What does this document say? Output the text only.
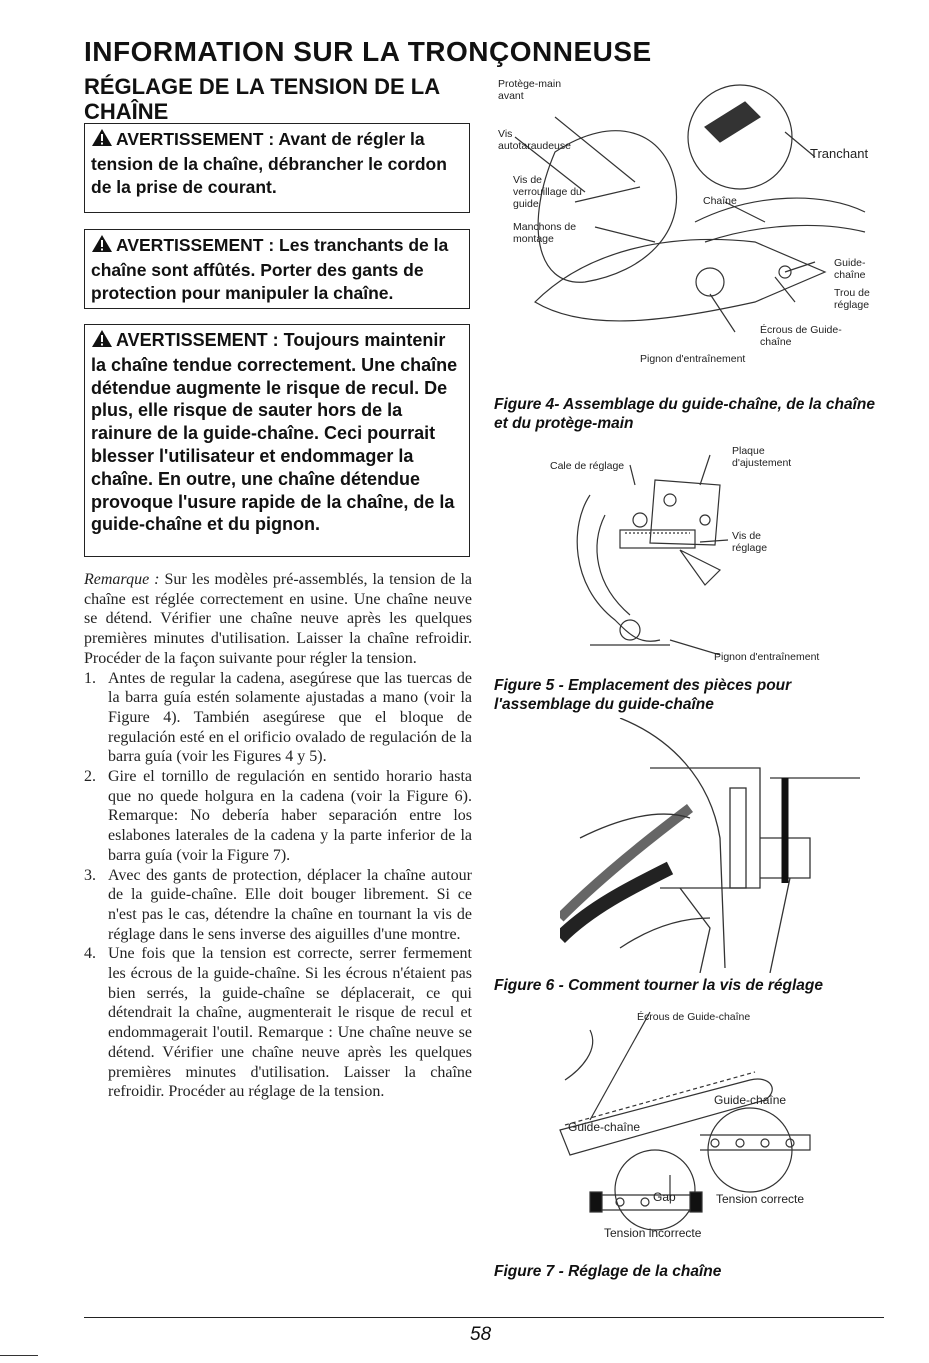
INFORMATION SUR LA TRONÇONNEUSE
RÉGLAGE DE LA TENSION DE LA CHAÎNE
AVERTISSEMENT : Avant de régler la tension de la chaîne, débrancher le cordon de la prise de courant.
AVERTISSEMENT : Les tranchants de la chaîne sont affûtés. Porter des gants de protection pour manipuler la chaîne.
AVERTISSEMENT : Toujours maintenir la chaîne tendue correctement. Une chaîne détendue augmente le risque de recul. De plus, elle risque de sauter hors de la rainure de la guide-chaîne. Ceci pourrait blesser l'utilisateur et endommager la chaîne. En outre, une chaîne détendue provoque l'usure rapide de la chaîne, de la guide-chaîne et du pignon.

Remarque : Sur les modèles pré-assemblés, la tension de la chaîne est réglée correctement en usine. Une chaîne neuve se détend. Vérifier une chaîne neuve après les quelques premières minutes d'utilisation. Laisser la chaîne refroidir. Procéder de la façon suivante pour régler la tension.

1. Antes de regular la cadena, asegúrese que las tuercas de la barra guía estén solamente ajustadas a mano (voir la Figure 4). También asegúrese que el bloque de regulación esté en el orificio ovalado de regulación de la barra guía (voir les Figures 4 y 5).
2. Gire el tornillo de regulación en sentido horario hasta que no quede holgura en la cadena (voir la Figure 6). Remarque: No debería haber separación entre los eslabones laterales de la cadena y la parte inferior de la barra guía (voir la Figure 7).
3. Avec des gants de protection, déplacer la chaîne autour de la guide-chaîne. Elle doit bouger librement. Si ce n'est pas le cas, détendre la chaîne en tournant la vis de réglage dans le sens inverse des aiguilles d'une montre.
4. Une fois que la tension est correcte, serrer fermement les écrous de la guide-chaîne. Si les écrous n'étaient pas bien serrés, la guide-chaîne se déplacerait, ce qui détendrait la chaîne, augmenterait le risque de recul et endommagerait l'outil. Remarque : Une chaîne neuve se détend. Vérifier une chaîne neuve après les quelques premières minutes d'utilisation. Laisser la chaîne refroidir. Procéder au réglage de la tension.
Protège-main avant
Vis autotaraudeuse
Vis de verrouillage du guide
Manchons de montage
Tranchant
Chaîne
Guide-chaîne
Trou de réglage
Écrous de Guide-chaîne
Pignon d'entraînement
Figure 4- Assemblage du guide-chaîne, de la chaîne et du protège-main
Cale de réglage
Plaque d'ajustement
Vis de réglage
Pignon d'entraînement
Figure 5 - Emplacement des pièces pour l'assemblage du guide-chaîne
Figure 6 - Comment tourner la vis de réglage
Écrous de Guide-chaîne
Guide-chaîne
Guide-chaîne
Gap	Tension correcte
Tension incorrecte
Figure 7 - Réglage de la chaîne
58
